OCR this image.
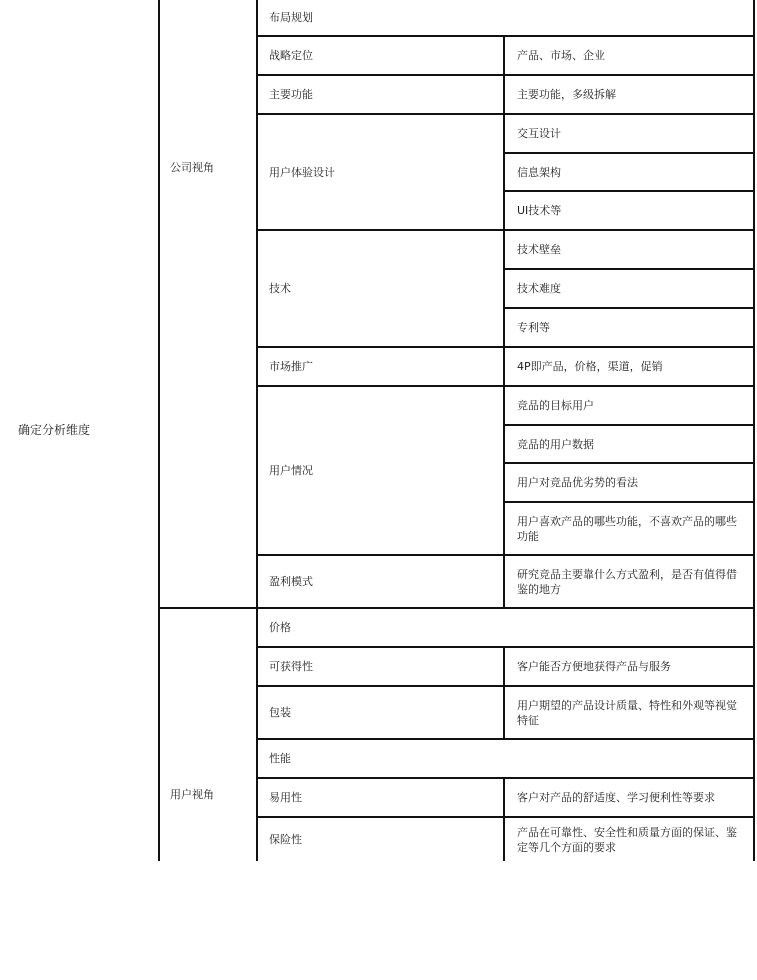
确定分析维度
公司视角
用户视角
布局规划
战略定位
主要功能
用户体验设计
技术
市场推广
用户情况
盈利模式
价格
可获得性
包装
性能
易用性
保险性
产品、市场、企业
主要功能，多级拆解
交互设计
信息架构
UI技术等
技术壁垒
技术难度
专利等
4P即产品，价格，渠道，促销
竞品的目标用户
竞品的用户数据
用户对竞品优劣势的看法
用户喜欢产品的哪些功能，不喜欢产品的哪些功能
研究竞品主要靠什么方式盈利，是否有值得借鉴的地方
客户能否方便地获得产品与服务
用户期望的产品设计质量、特性和外观等视觉特征
客户对产品的舒适度、学习便利性等要求
产品在可靠性、安全性和质量方面的保证、鉴定等几个方面的要求
